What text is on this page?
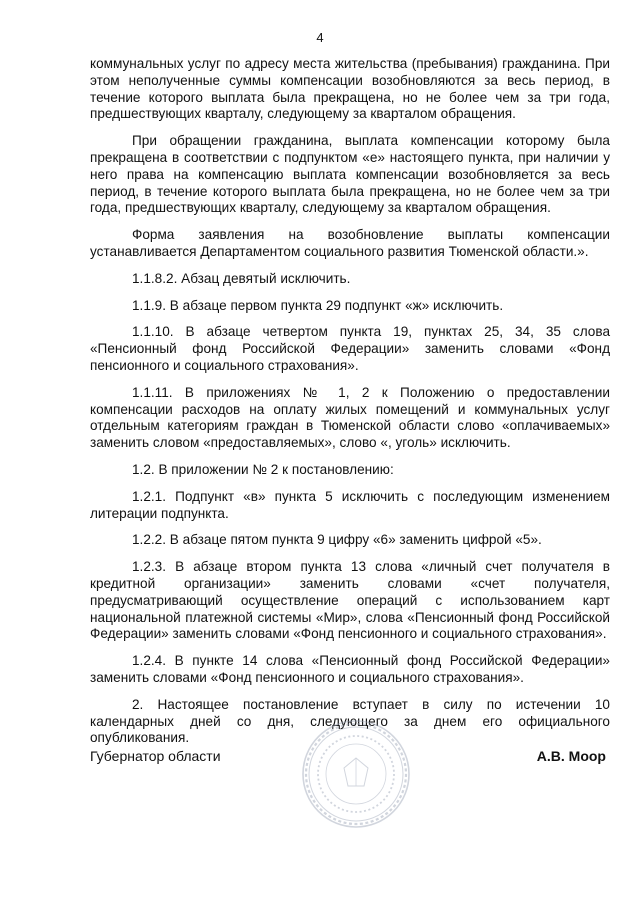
4

коммунальных услуг по адресу места жительства (пребывания) гражданина. При этом неполученные суммы компенсации возобновляются за весь период, в течение которого выплата была прекращена, но не более чем за три года, предшествующих кварталу, следующему за кварталом обращения.

При обращении гражданина, выплата компенсации которому была прекращена в соответствии с подпунктом «е» настоящего пункта, при наличии у него права на компенсацию выплата компенсации возобновляется за весь период, в течение которого выплата была прекращена, но не более чем за три года, предшествующих кварталу, следующему за кварталом обращения.

Форма заявления на возобновление выплаты компенсации устанавливается Департаментом социального развития Тюменской области.».

1.1.8.2. Абзац девятый исключить.

1.1.9. В абзаце первом пункта 29 подпункт «ж» исключить.

1.1.10. В абзаце четвертом пункта 19, пунктах 25, 34, 35 слова «Пенсионный фонд Российской Федерации» заменить словами «Фонд пенсионного и социального страхования».

1.1.11. В приложениях № 1, 2 к Положению о предоставлении компенсации расходов на оплату жилых помещений и коммунальных услуг отдельным категориям граждан в Тюменской области слово «оплачиваемых» заменить словом «предоставляемых», слово «, уголь» исключить.

1.2. В приложении № 2 к постановлению:

1.2.1. Подпункт «в» пункта 5 исключить с последующим изменением литерации подпункта.

1.2.2. В абзаце пятом пункта 9 цифру «6» заменить цифрой «5».

1.2.3. В абзаце втором пункта 13 слова «личный счет получателя в кредитной организации» заменить словами «счет получателя, предусматривающий осуществление операций с использованием карт национальной платежной системы «Мир», слова «Пенсионный фонд Российской Федерации» заменить словами «Фонд пенсионного и социального страхования».

1.2.4. В пункте 14 слова «Пенсионный фонд Российской Федерации» заменить словами «Фонд пенсионного и социального страхования».

2. Настоящее постановление вступает в силу по истечении 10 календарных дней со дня, следующего за днем его официального опубликования.

Губернатор области	А.В. Моор
